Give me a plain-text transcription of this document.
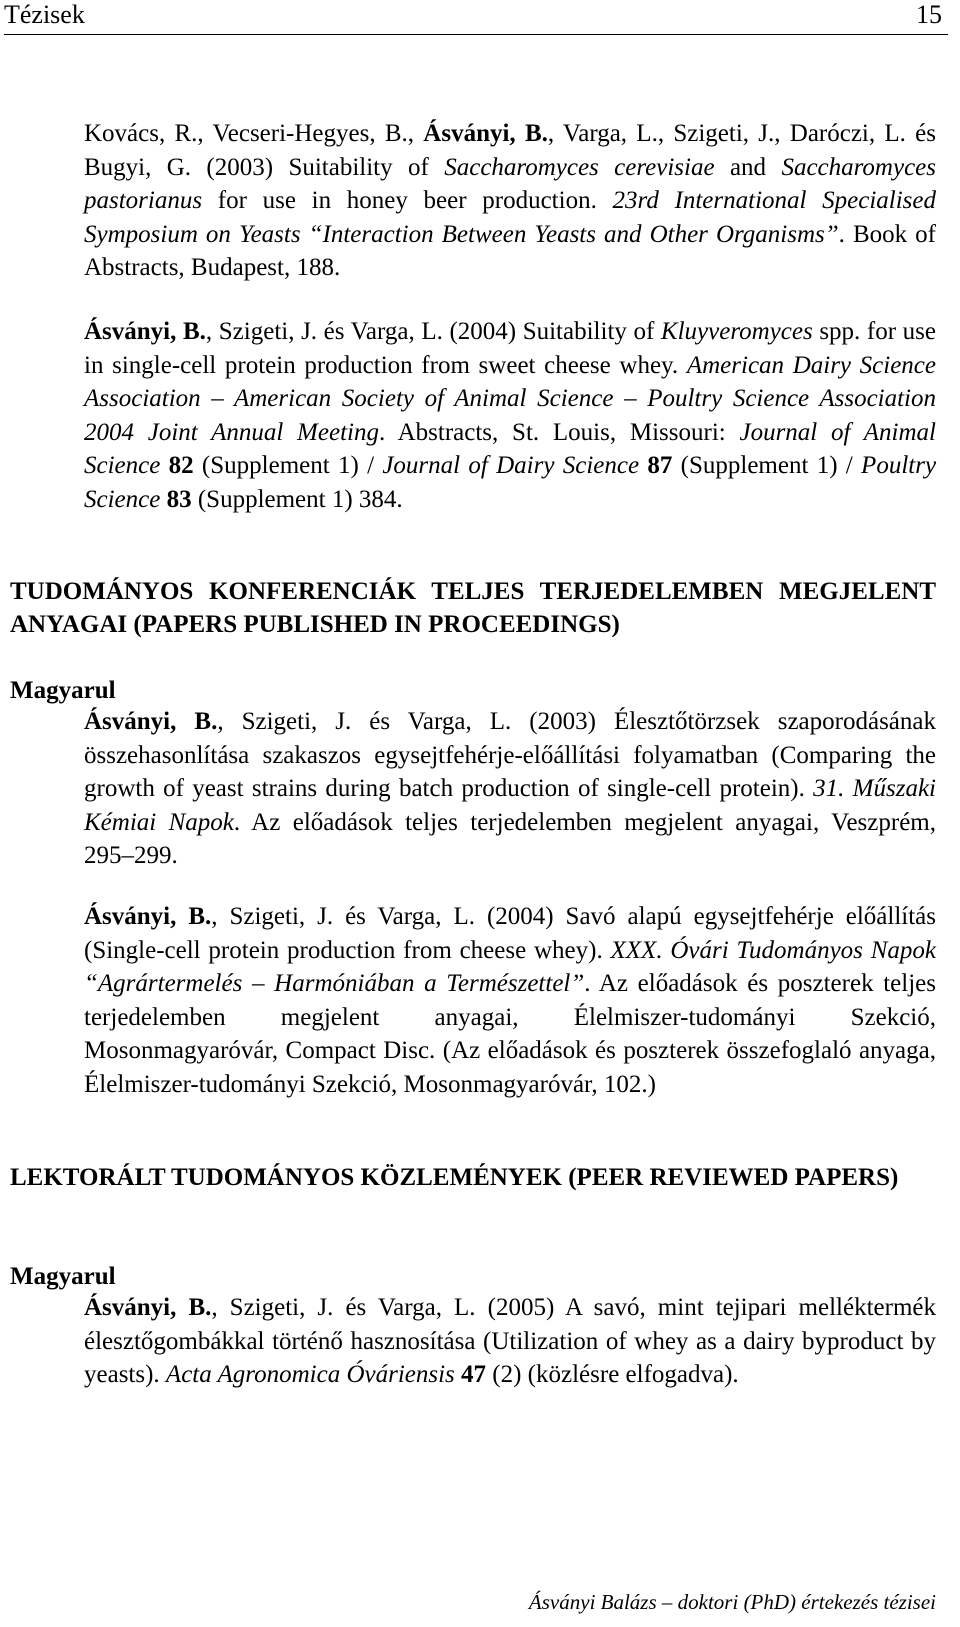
Tézisek	15
Kovács, R., Vecseri-Hegyes, B., Ásványi, B., Varga, L., Szigeti, J., Daróczi, L. és Bugyi, G. (2003) Suitability of Saccharomyces cerevisiae and Saccharomyces pastorianus for use in honey beer production. 23rd International Specialised Symposium on Yeasts “Interaction Between Yeasts and Other Organisms”. Book of Abstracts, Budapest, 188.
Ásványi, B., Szigeti, J. és Varga, L. (2004) Suitability of Kluyveromyces spp. for use in single-cell protein production from sweet cheese whey. American Dairy Science Association – American Society of Animal Science – Poultry Science Association 2004 Joint Annual Meeting. Abstracts, St. Louis, Missouri: Journal of Animal Science 82 (Supplement 1) / Journal of Dairy Science 87 (Supplement 1) / Poultry Science 83 (Supplement 1) 384.
TUDOMÁNYOS KONFERENCIÁK TELJES TERJEDELEMBEN MEGJELENT ANYAGAI (PAPERS PUBLISHED IN PROCEEDINGS)
Magyarul
Ásványi, B., Szigeti, J. és Varga, L. (2003) Élesztőtörzsek szaporodásának összehasonlítása szakaszos egysejtfehérje-előállítási folyamatban (Comparing the growth of yeast strains during batch production of single-cell protein). 31. Műszaki Kémiai Napok. Az előadások teljes terjedelemben megjelent anyagai, Veszprém, 295–299.
Ásványi, B., Szigeti, J. és Varga, L. (2004) Savó alapú egysejtfehérje előállítás (Single-cell protein production from cheese whey). XXX. Óvári Tudományos Napok “Agrártermelés – Harmóniában a Természettel”. Az előadások és poszterek teljes terjedelemben megjelent anyagai, Élelmiszer-tudományi Szekció, Mosonmagyaróvár, Compact Disc. (Az előadások és poszterek összefoglaló anyaga, Élelmiszer-tudományi Szekció, Mosonmagyaróvár, 102.)
LEKTORÁLT TUDOMÁNYOS KÖZLEMÉNYEK (PEER REVIEWED PAPERS)
Magyarul
Ásványi, B., Szigeti, J. és Varga, L. (2005) A savó, mint tejipari melléktermék élesztőgombákkal történő hasznosítása (Utilization of whey as a dairy byproduct by yeasts). Acta Agronomica Óváriensis 47 (2) (közlésre elfogadva).
Ásványi Balázs – doktori (PhD) értekezés tézisei
